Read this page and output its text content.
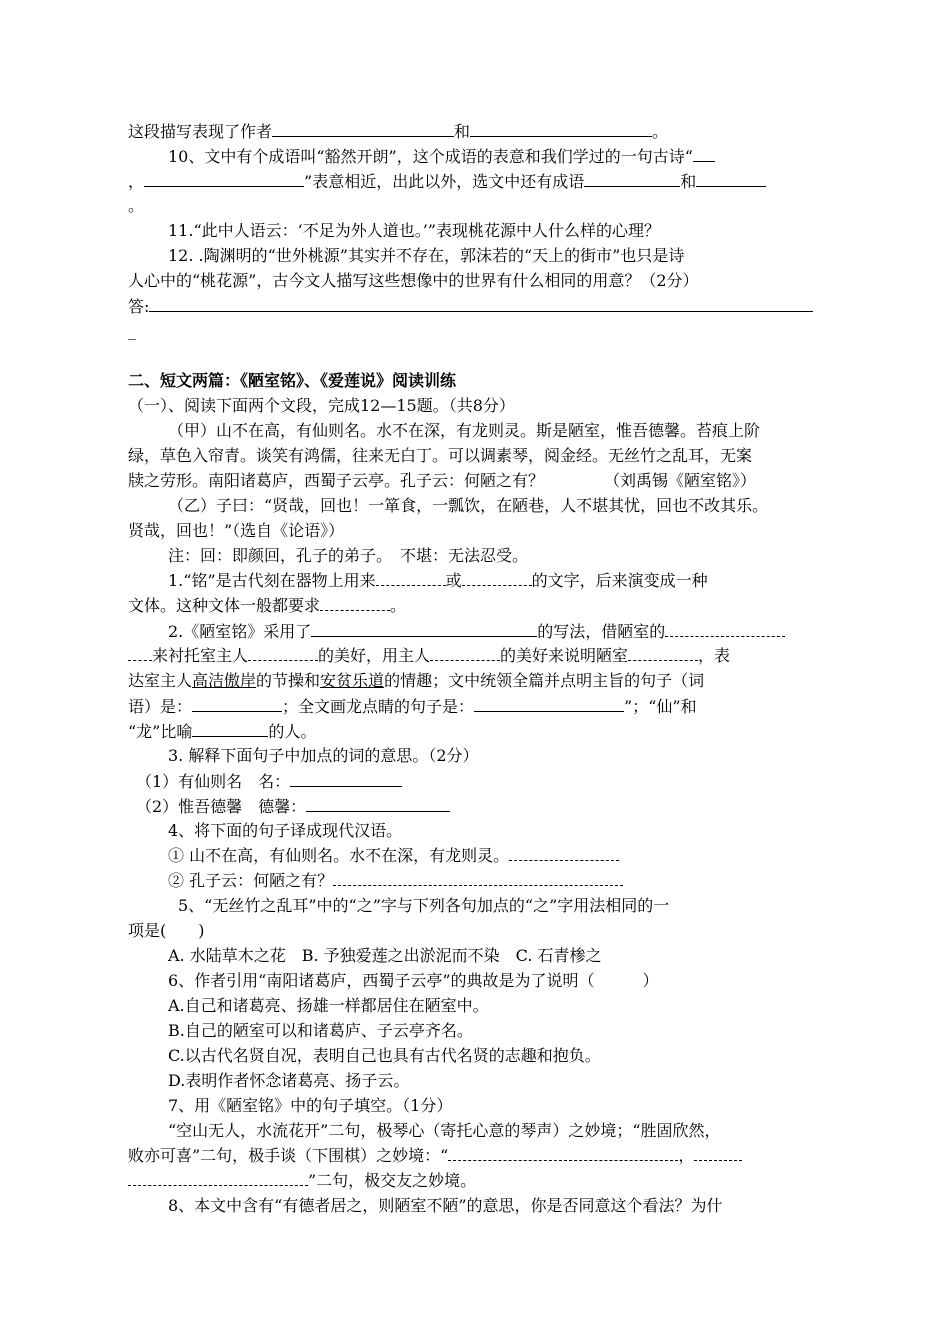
这段描写表现了作者	和	。
10、文中有个成语叫“豁然开朗”，这个成语的表意和我们学过的一句古诗“
，	”表意相近，出此以外，选文中还有成语	和
。
11.“此中人语云：‘不足为外人道也。’”表现桃花源中人什么样的心理？
12. .陶渊明的“世外桃源”其实并不存在，郭沫若的“天上的街市”也只是诗
人心中的“桃花源”，古今文人描写这些想像中的世界有什么相同的用意？（2分）
答:
_
二、短文两篇：《陋室铭》、《爱莲说》阅读训练
（一）、阅读下面两个文段，完成12—15题。（共8分）
（甲）山不在高，有仙则名。水不在深，有龙则灵。斯是陋室，惟吾德馨。苔痕上阶
绿，草色入帘青。谈笑有鸿儒，往来无白丁。可以调素琴，阅金经。无丝竹之乱耳，无案
牍之劳形。南阳诸葛庐，西蜀子云亭。孔子云：何陋之有？	（刘禹锡《陋室铭》）
（乙）子曰：“贤哉，回也！一箪食，一瓢饮，在陋巷，人不堪其忧，回也不改其乐。
贤哉，回也！”（选自《论语》）
注：回：即颜回，孔子的弟子。　不堪：无法忍受。
1.“铭”是古代刻在器物上用来	或	的文字，后来演变成一种
文体。这种文体一般都要求	。
2.《陋室铭》采用了	的写法，借陋室的
来衬托室主人	的美好，用主人	的美好来说明陋室	，表
达室主人高洁傲岸的节操和安贫乐道的情趣；文中统领全篇并点明主旨的句子（词
语）是：	；全文画龙点睛的句子是：	”；“仙”和
“龙”比喻	的人。
3. 解释下面句子中加点的词的意思。（2分）
（1）有仙则名　名：
（2）惟吾德馨　德馨：
4、将下面的句子译成现代汉语。
① 山不在高，有仙则名。水不在深，有龙则灵。
② 孔子云：何陋之有？
5、“无丝竹之乱耳”中的“之”字与下列各句加点的“之”字用法相同的一
项是(　　)
A. 水陆草木之花　B. 予独爱莲之出淤泥而不染　C. 石青椮之
6、作者引用“南阳诸葛庐，西蜀子云亭”的典故是为了说明（　　　）
A.自己和诸葛亮、扬雄一样都居住在陋室中。
B.自己的陋室可以和诸葛庐、子云亭齐名。
C.以古代名贤自况，表明自己也具有古代名贤的志趣和抱负。
D.表明作者怀念诸葛亮、扬子云。
7、用《陋室铭》中的句子填空。（1分）
“空山无人，水流花开”二句，极琴心（寄托心意的琴声）之妙境；“胜固欣然，
败亦可喜”二句，极手谈（下围棋）之妙境：“	，
”二句，极交友之妙境。
8、本文中含有“有德者居之，则陋室不陋”的意思，你是否同意这个看法？为什
